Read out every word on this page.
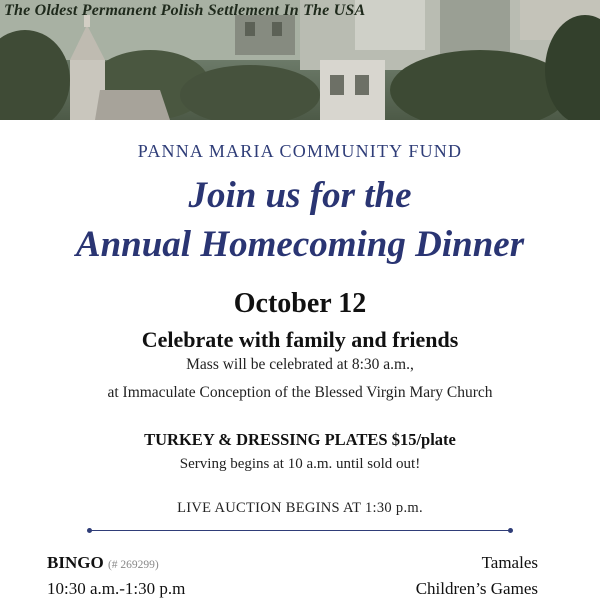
The Oldest Permanent Polish Settlement In The USA
PANNA MARIA COMMUNITY FUND
Join us for the
Annual Homecoming Dinner
October 12
Celebrate with family and friends
Mass will be celebrated at 8:30 a.m.,
at Immaculate Conception of the Blessed Virgin Mary Church
TURKEY & DRESSING PLATES $15/plate
Serving begins at 10 a.m. until sold out!
LIVE AUCTION BEGINS AT 1:30 p.m.
BINGO (# 269299)
10:30 a.m.-1:30 p.m
Tamales
Children’s Games
